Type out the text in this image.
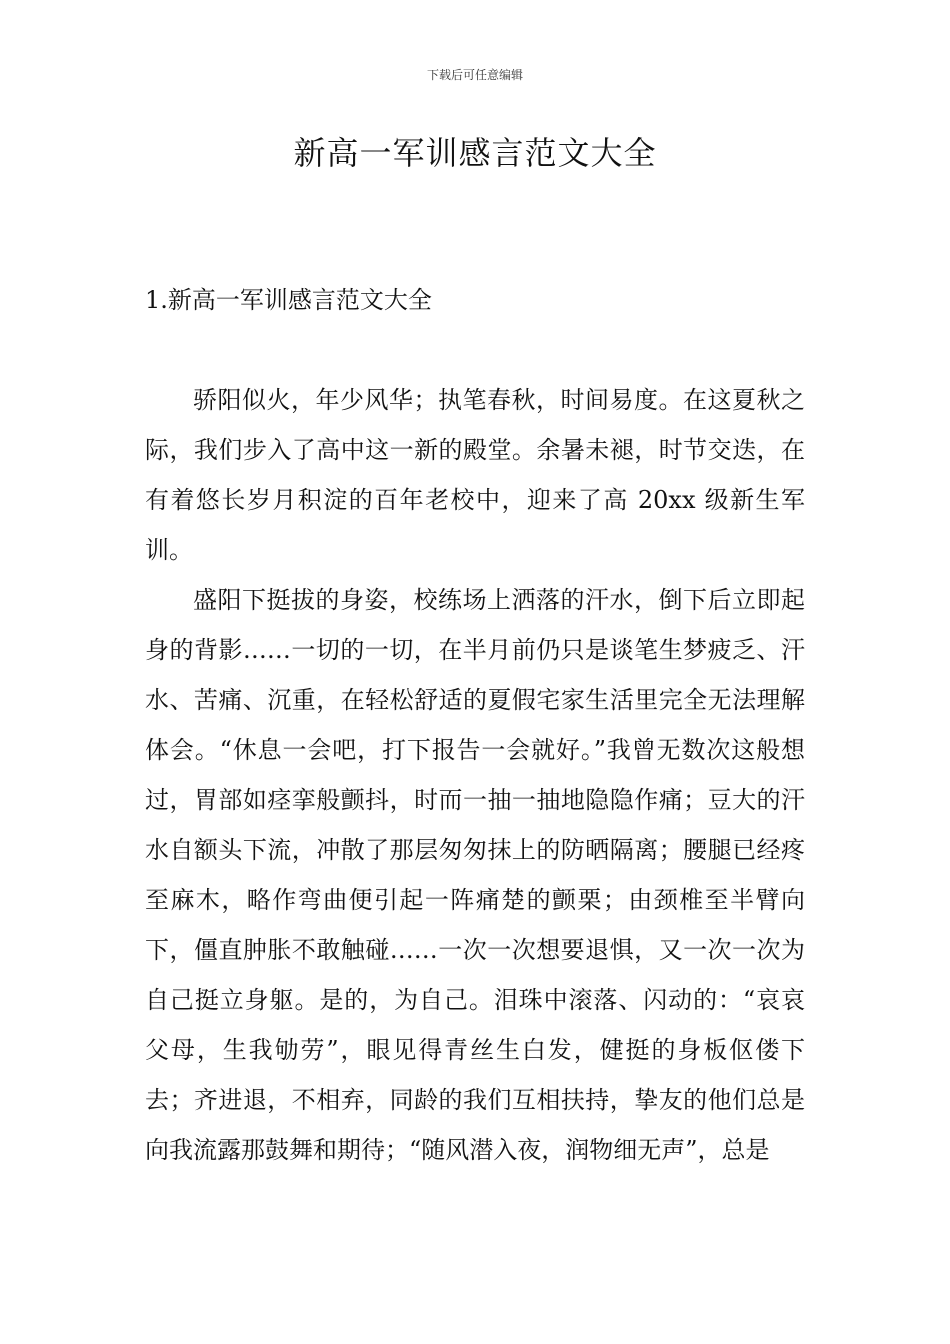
下载后可任意编辑
新高一军训感言范文大全
1.新高一军训感言范文大全

骄阳似火，年少风华；执笔春秋，时间易度。在这夏秋之际，我们步入了高中这一新的殿堂。余暑未褪，时节交迭，在有着悠长岁月积淀的百年老校中，迎来了高 20xx 级新生军训。

盛阳下挺拔的身姿，校练场上洒落的汗水，倒下后立即起身的背影……一切的一切，在半月前仍只是谈笔生梦疲乏、汗水、苦痛、沉重，在轻松舒适的夏假宅家生活里完全无法理解体会。“休息一会吧，打下报告一会就好。”我曾无数次这般想过，胃部如痉挛般颤抖，时而一抽一抽地隐隐作痛；豆大的汗水自额头下流，冲散了那层匆匆抹上的防晒隔离；腰腿已经疼至麻木，略作弯曲便引起一阵痛楚的颤栗；由颈椎至半臂向下，僵直肿胀不敢触碰……一次一次想要退惧，又一次一次为自己挺立身躯。是的，为自己。泪珠中滚落、闪动的：“哀哀父母，生我劬劳”，眼见得青丝生白发，健挺的身板伛偻下去；齐进退，不相弃，同龄的我们互相扶持，挚友的他们总是向我流露那鼓舞和期待；“随风潜入夜，润物细无声”，总是
